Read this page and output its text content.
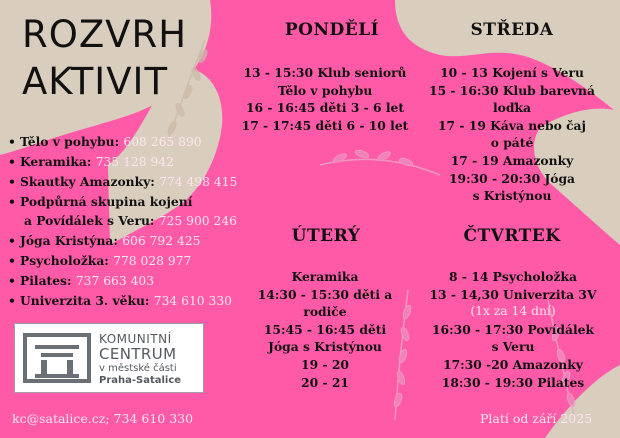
ROZVRH
AKTIVIT
• Tělo v pohybu: 608 265 890
• Keramika: 735 128 942
• Skautky Amazonky: 774 498 415
• Podpůrná skupina kojení
a Povídálek s Veru: 725 900 246
• Jóga Kristýna: 606 792 425
• Psycholožka: 778 028 977
• Pilates: 737 663 403
• Univerzita 3. věku: 734 610 330
PONDĚLÍ
13 - 15:30 Klub seniorů
Tělo v pohybu
16 - 16:45 děti 3 - 6 let
17 - 17:45 děti 6 - 10 let
STŘEDA
10 - 13 Kojení s Veru
15 - 16:30 Klub barevná
loďka
17 - 19 Káva nebo čaj
o páté
17 - 19 Amazonky
19:30 - 20:30 Jóga
s Kristýnou
ÚTERÝ
Keramika
14:30 - 15:30 děti a
rodiče
15:45 - 16:45 děti
Jóga s Kristýnou
19 - 20
20 - 21
ČTVRTEK
8 - 14 Psycholožka
13 - 14,30 Univerzita 3V
(1x za 14 dní)
16:30 - 17:30 Povídálek
s Veru
17:30 -20 Amazonky
18:30 - 19:30 Pilates
KOMUNITNÍ
CENTRUM
v městské části
Praha-Satalice
kc@satalice.cz; 734 610 330	Platí od září 2025
